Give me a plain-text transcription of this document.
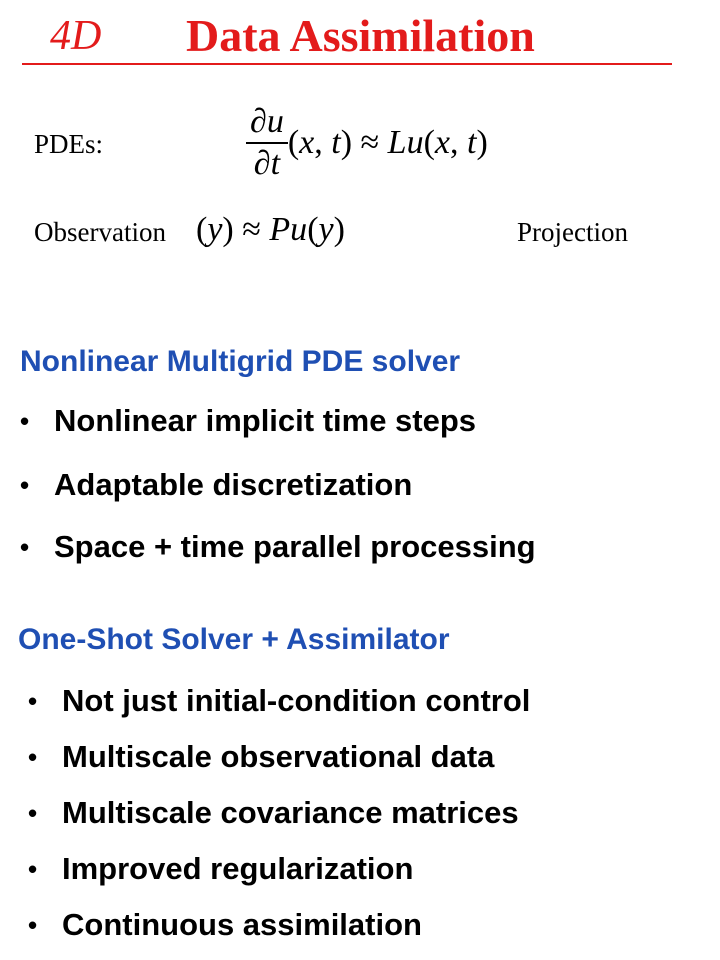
4D Data Assimilation
PDEs:	$\frac{\partial u}{\partial t} (x$, t) ≈ Lu(x, t)
Observation (y) ≈ Pu(y)	Projection
Nonlinear Multigrid PDE solver
• Nonlinear implicit time steps
• Adaptable discretization
• Space + time parallel processing
One-Shot Solver + Assimilator
• Not just initial-condition control
• Multiscale observational data
• Multiscale covariance matrices
• Improved regularization
• Continuous assimilation
